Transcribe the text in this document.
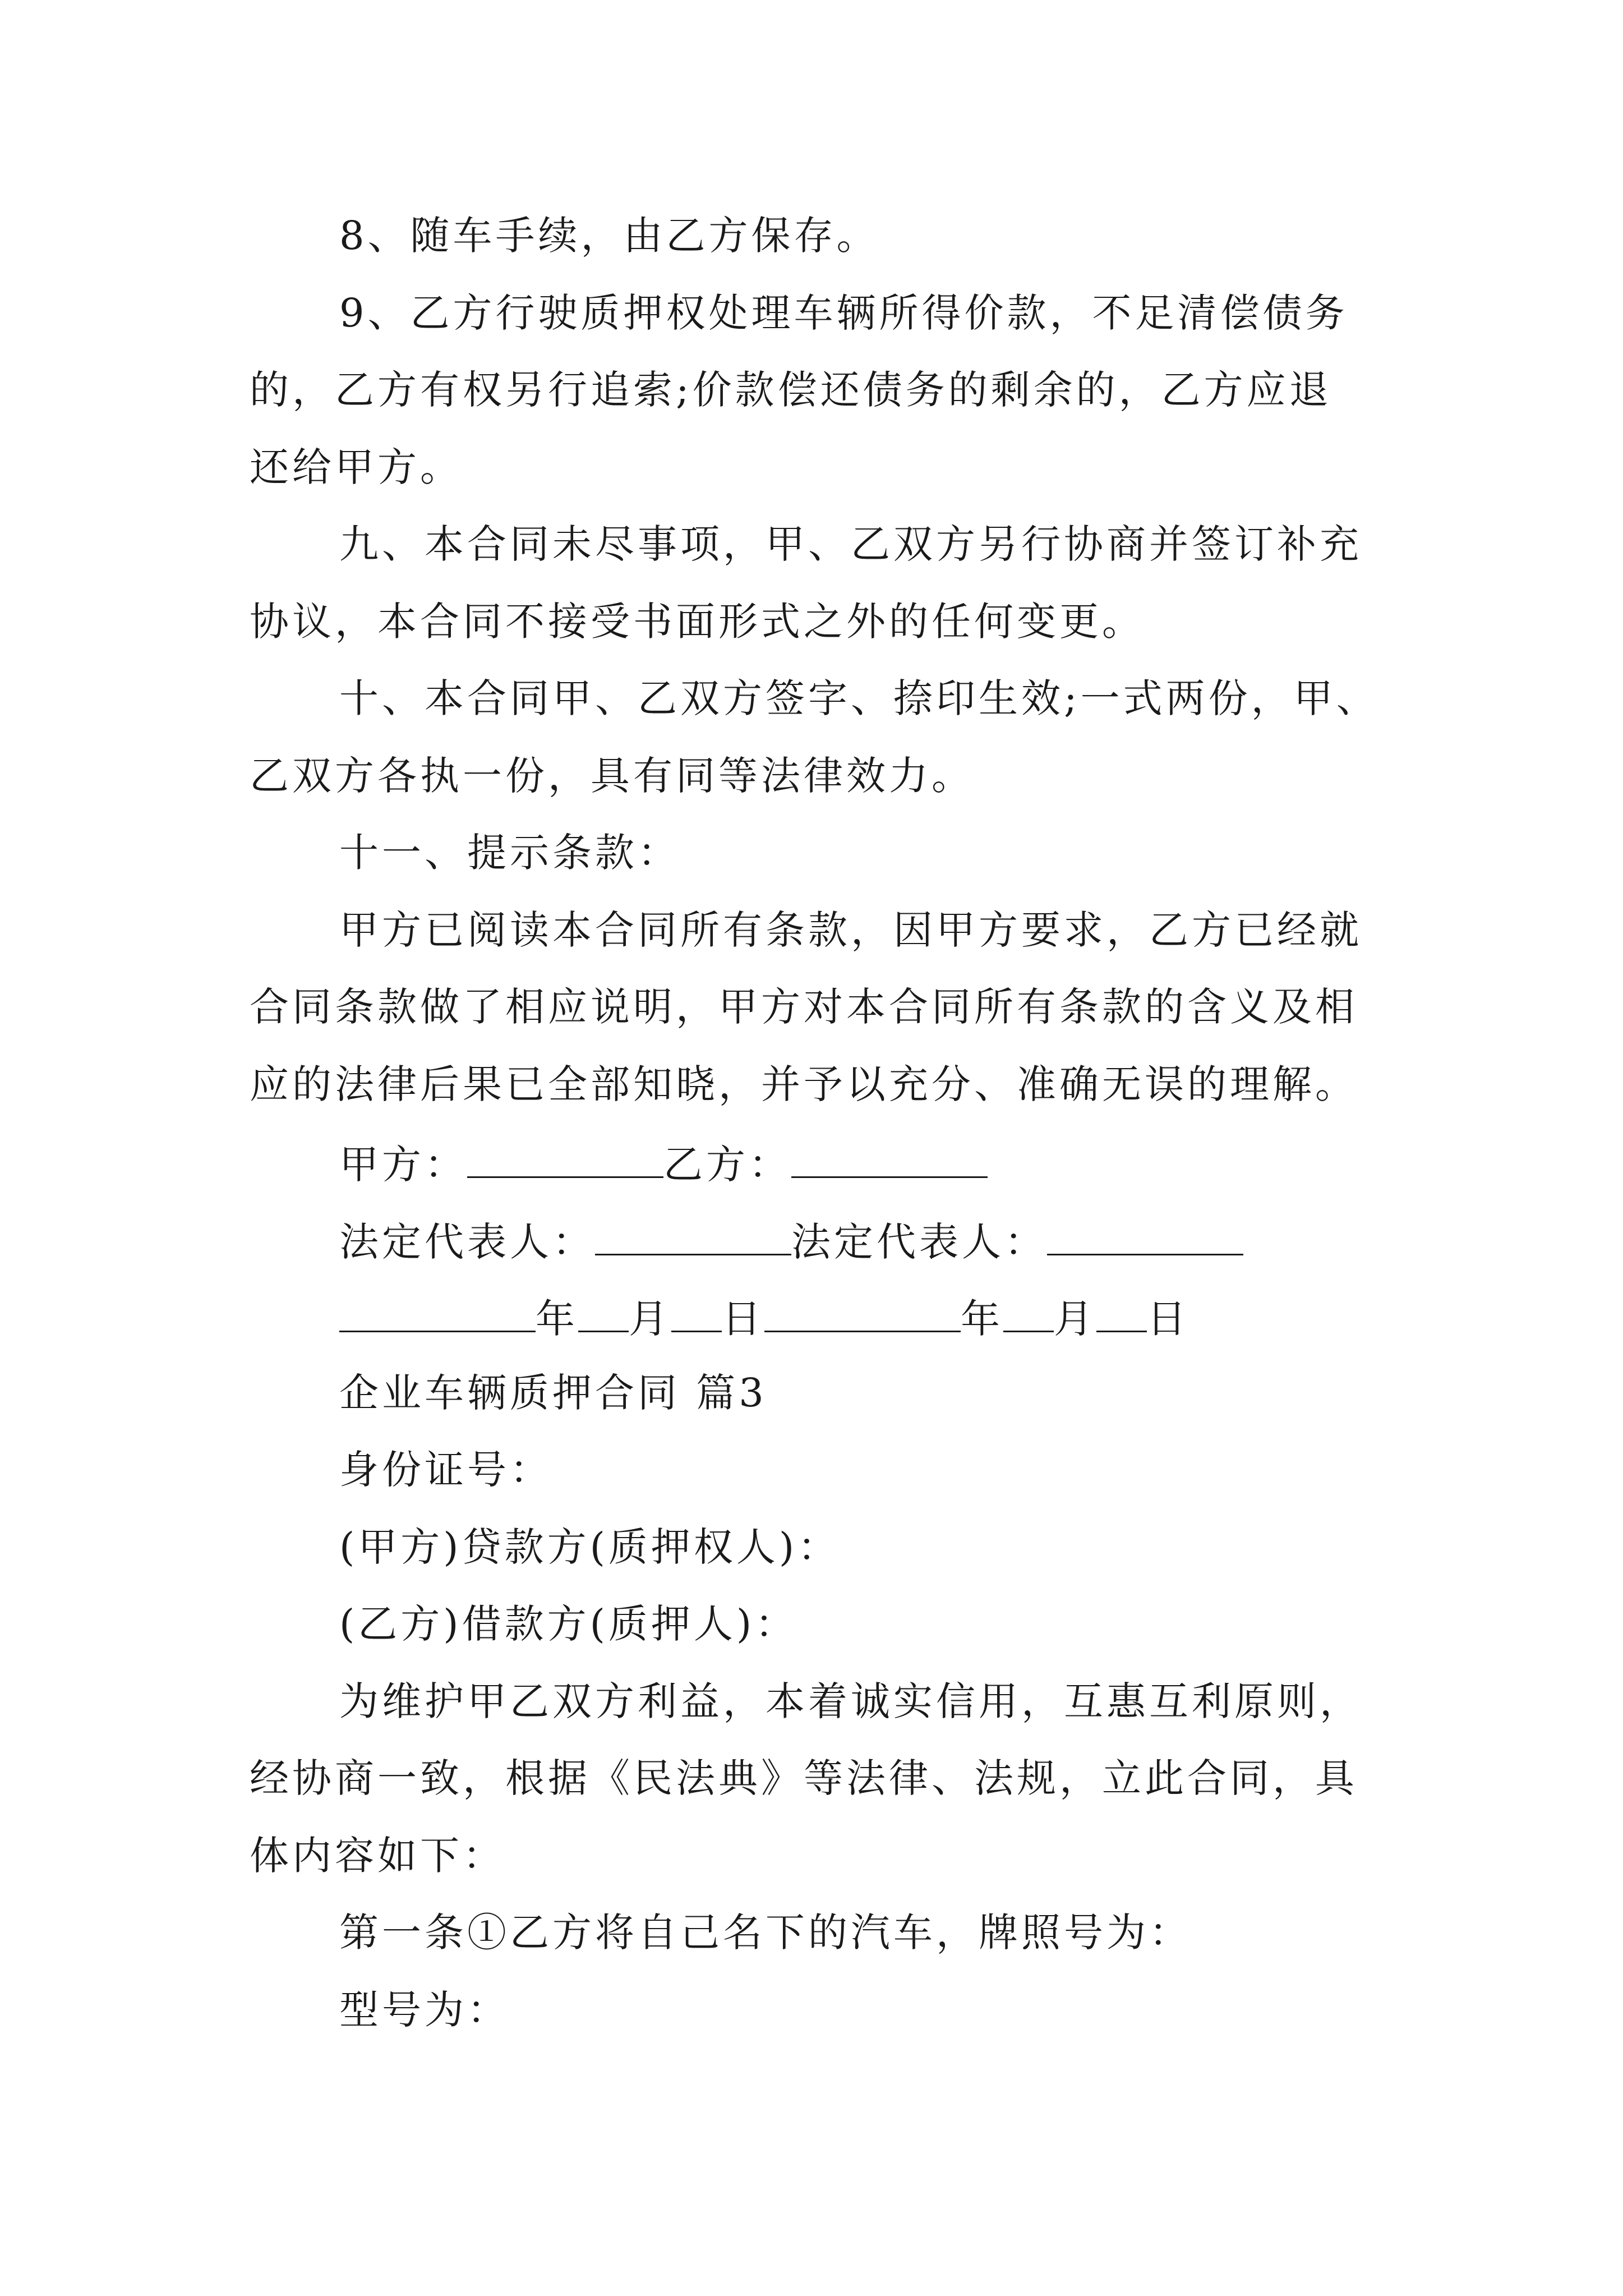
8、随车手续，由乙方保存。
9、乙方行驶质押权处理车辆所得价款，不足清偿债务
的，乙方有权另行追索;价款偿还债务的剩余的，乙方应退
还给甲方。
九、本合同未尽事项，甲、乙双方另行协商并签订补充
协议，本合同不接受书面形式之外的任何变更。
十、本合同甲、乙双方签字、捺印生效;一式两份，甲、
乙双方各执一份，具有同等法律效力。
十一、提示条款：
甲方已阅读本合同所有条款，因甲方要求，乙方已经就
合同条款做了相应说明，甲方对本合同所有条款的含义及相
应的法律后果已全部知晓，并予以充分、准确无误的理解。
甲方：	乙方：
法定代表人：	法定代表人：
年 月 日	年 月 日
企业车辆质押合同 篇3
身份证号：
(甲方)贷款方(质押权人)：
(乙方)借款方(质押人)：
为维护甲乙双方利益，本着诚实信用，互惠互利原则，
经协商一致，根据《民法典》等法律、法规，立此合同，具
体内容如下：
第一条①乙方将自己名下的汽车，牌照号为：
型号为：
